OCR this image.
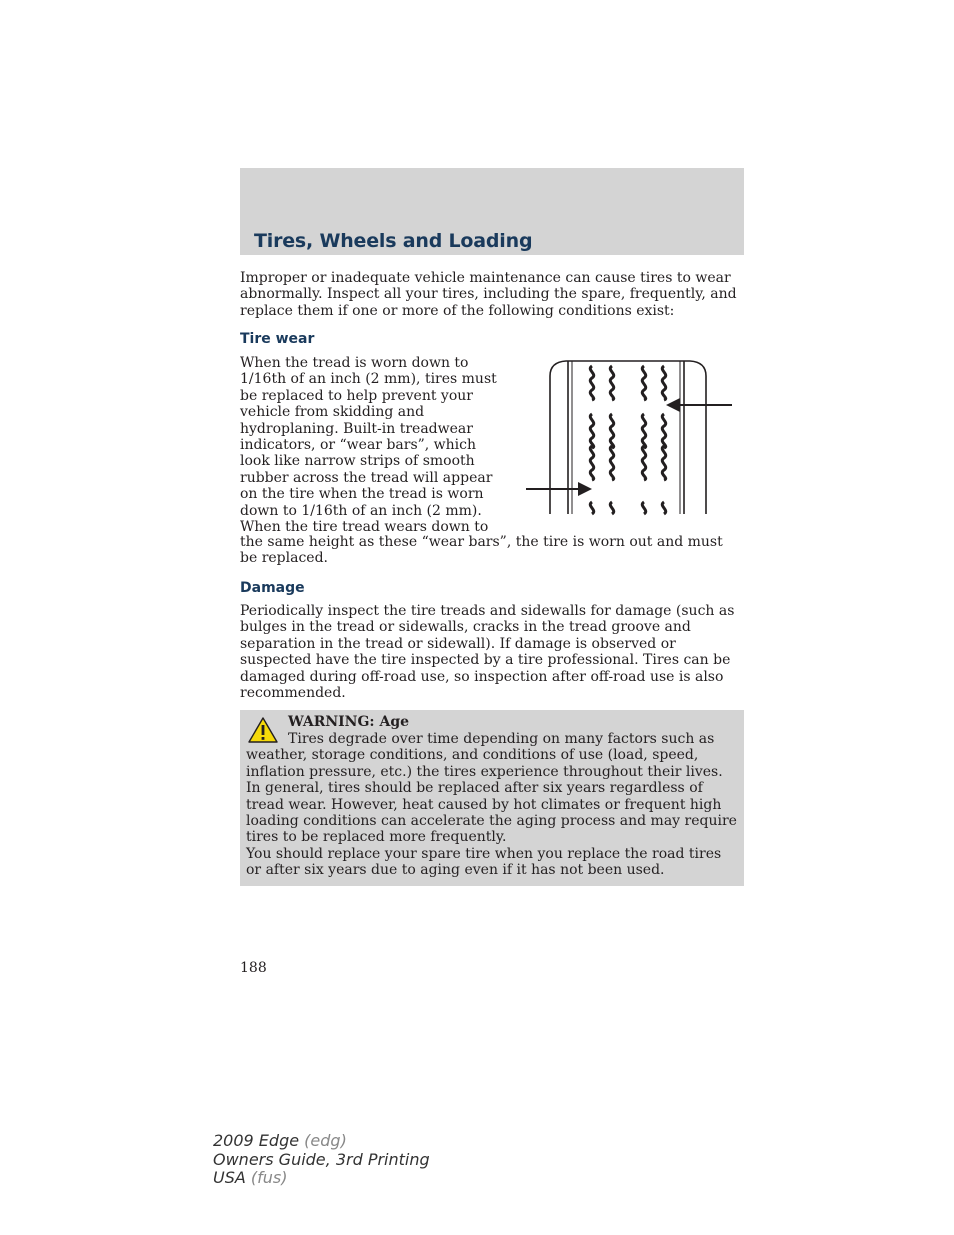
Tires, Wheels and Loading

Improper or inadequate vehicle maintenance can cause tires to wear abnormally. Inspect all your tires, including the spare, frequently, and replace them if one or more of the following conditions exist:

Tire wear

When the tread is worn down to 1/16th of an inch (2 mm), tires must be replaced to help prevent your vehicle from skidding and hydroplaning. Built-in treadwear indicators, or “wear bars”, which look like narrow strips of smooth rubber across the tread will appear on the tire when the tread is worn down to 1/16th of an inch (2 mm). When the tire tread wears down to

the same height as these “wear bars”, the tire is worn out and must be replaced.

Damage

Periodically inspect the tire treads and sidewalls for damage (such as bulges in the tread or sidewalls, cracks in the tread groove and separation in the tread or sidewall). If damage is observed or suspected have the tire inspected by a tire professional. Tires can be damaged during off-road use, so inspection after off-road use is also recommended.

WARNING: Age

Tires degrade over time depending on many factors such as weather, storage conditions, and conditions of use (load, speed, inflation pressure, etc.) the tires experience throughout their lives.
In general, tires should be replaced after six years regardless of tread wear. However, heat caused by hot climates or frequent high loading conditions can accelerate the aging process and may require tires to be replaced more frequently.
You should replace your spare tire when you replace the road tires or after six years due to aging even if it has not been used.

188

2009 Edge (edg)
Owners Guide, 3rd Printing
USA (fus)
